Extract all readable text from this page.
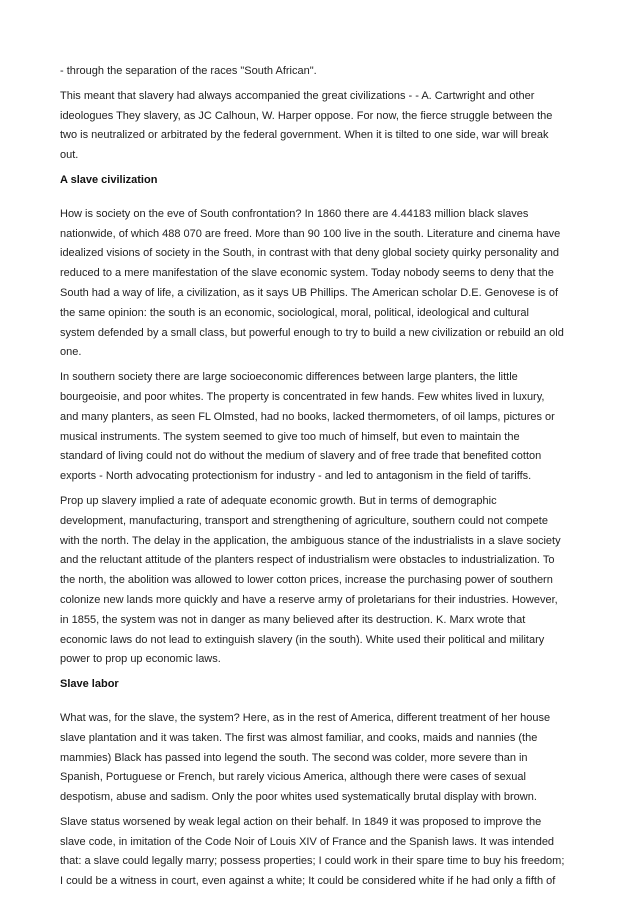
- through the separation of the races "South African".

This meant that slavery had always accompanied the great civilizations - - A. Cartwright and other
ideologues They slavery, as JC Calhoun, W. Harper oppose. For now, the fierce struggle between the
two is neutralized or arbitrated by the federal government. When it is tilted to one side, war will break
out.

A slave civilization

How is society on the eve of South confrontation? In 1860 there are 4.44183 million black slaves
nationwide, of which 488 070 are freed. More than 90 100 live in the south. Literature and cinema have
idealized visions of society in the South, in contrast with that deny global society quirky personality and
reduced to a mere manifestation of the slave economic system. Today nobody seems to deny that the
South had a way of life, a civilization, as it says UB Phillips. The American scholar D.E. Genovese is of
the same opinion: the south is an economic, sociological, moral, political, ideological and cultural
system defended by a small class, but powerful enough to try to build a new civilization or rebuild an old
one.

In southern society there are large socioeconomic differences between large planters, the little
bourgeoisie, and poor whites. The property is concentrated in few hands. Few whites lived in luxury,
and many planters, as seen FL Olmsted, had no books, lacked thermometers, of oil lamps, pictures or
musical instruments. The system seemed to give too much of himself, but even to maintain the
standard of living could not do without the medium of slavery and of free trade that benefited cotton
exports - North advocating protectionism for industry - and led to antagonism in the field of tariffs.

Prop up slavery implied a rate of adequate economic growth. But in terms of demographic
development, manufacturing, transport and strengthening of agriculture, southern could not compete
with the north. The delay in the application, the ambiguous stance of the industrialists in a slave society
and the reluctant attitude of the planters respect of industrialism were obstacles to industrialization. To
the north, the abolition was allowed to lower cotton prices, increase the purchasing power of southern
colonize new lands more quickly and have a reserve army of proletarians for their industries. However,
in 1855, the system was not in danger as many believed after its destruction. K. Marx wrote that
economic laws do not lead to extinguish slavery (in the south). White used their political and military
power to prop up economic laws.

Slave labor

What was, for the slave, the system? Here, as in the rest of America, different treatment of her house
slave plantation and it was taken. The first was almost familiar, and cooks, maids and nannies (the
mammies) Black has passed into legend the south. The second was colder, more severe than in
Spanish, Portuguese or French, but rarely vicious America, although there were cases of sexual
despotism, abuse and sadism. Only the poor whites used systematically brutal display with brown.

Slave status worsened by weak legal action on their behalf. In 1849 it was proposed to improve the
slave code, in imitation of the Code Noir of Louis XIV of France and the Spanish laws. It was intended
that: a slave could legally marry; possess properties; I could work in their spare time to buy his freedom;
I could be a witness in court, even against a white; It could be considered white if he had only a fifth of
